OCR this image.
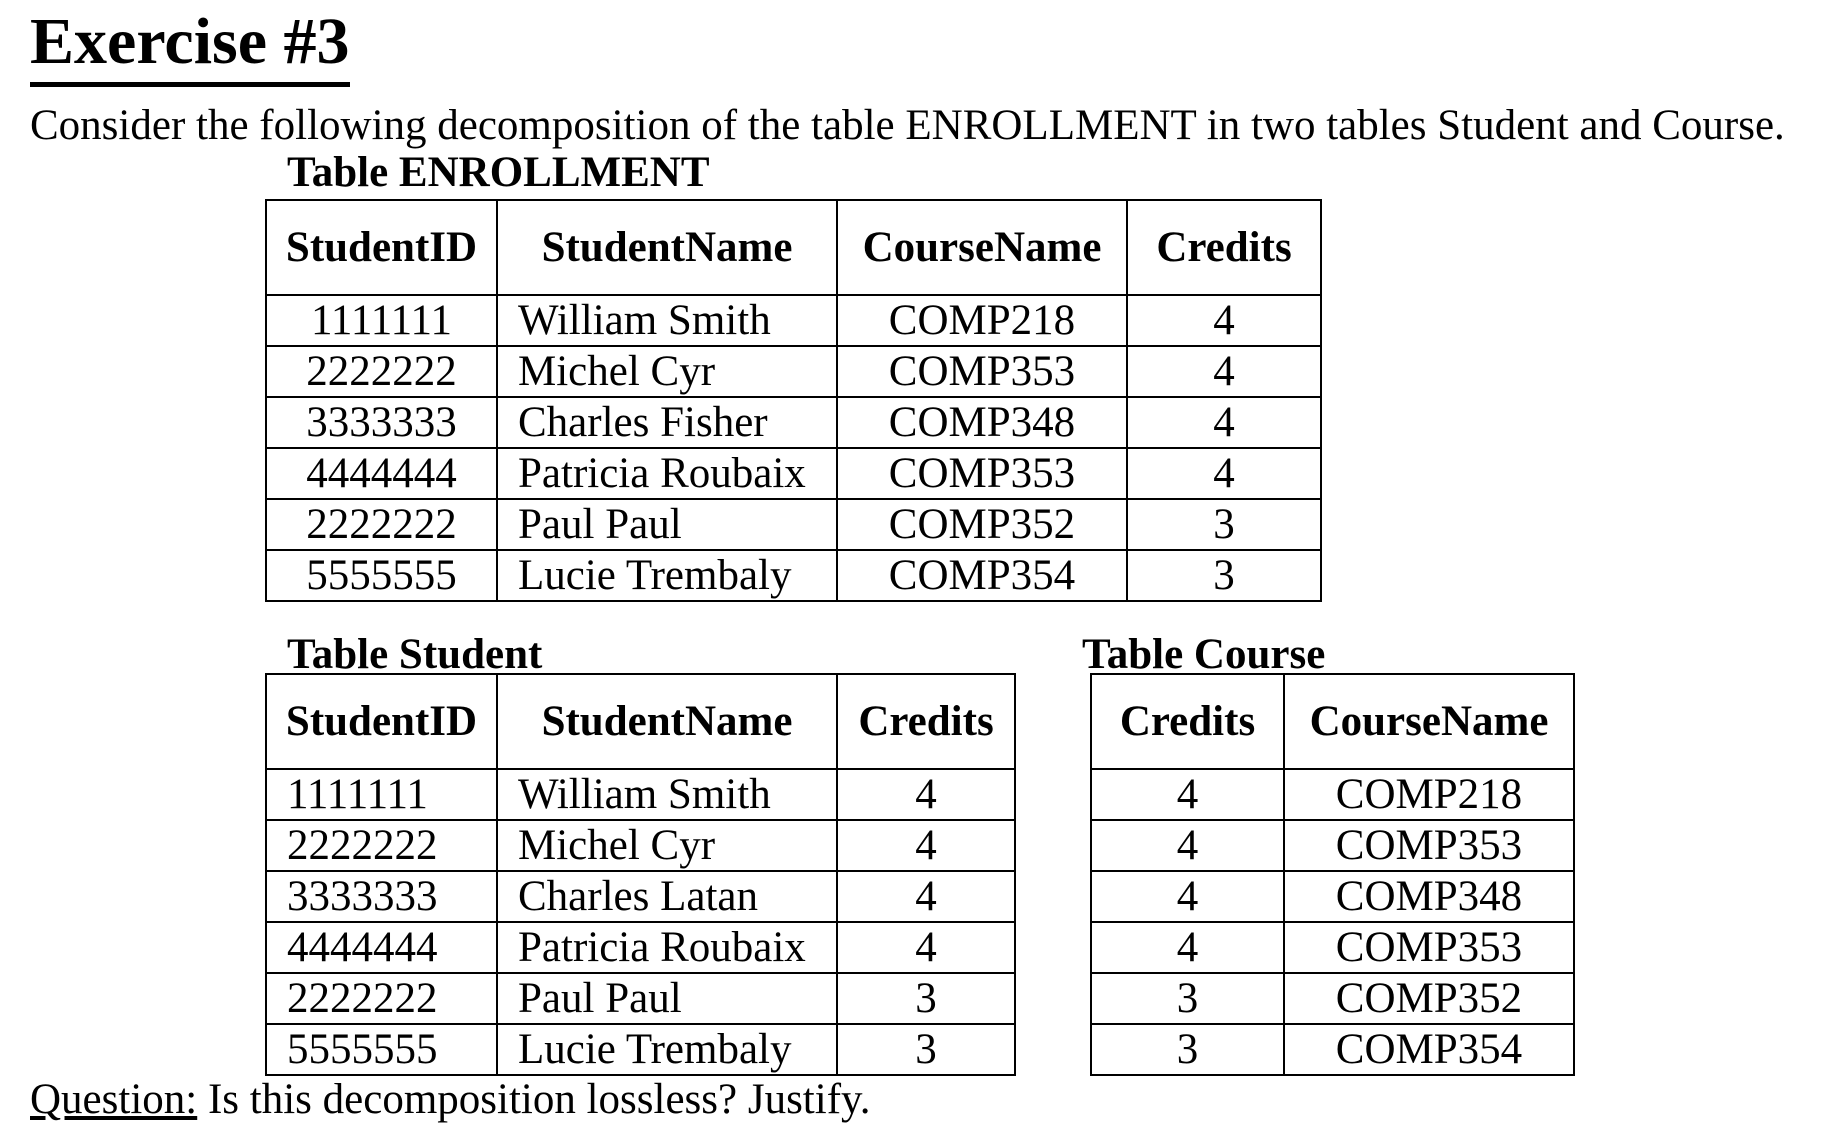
Exercise #3
Consider the following decomposition of the table ENROLLMENT in two tables Student and Course.
Table ENROLLMENT
StudentID	StudentName	CourseName	Credits
1111111	William Smith	COMP218	4
2222222	Michel Cyr	COMP353	4
3333333	Charles Fisher	COMP348	4
4444444	Patricia Roubaix	COMP353	4
2222222	Paul Paul	COMP352	3
5555555	Lucie Trembaly	COMP354	3
Table Student
StudentID	StudentName	Credits
1111111	William Smith	4
2222222	Michel Cyr	4
3333333	Charles Latan	4
4444444	Patricia Roubaix	4
2222222	Paul Paul	3
5555555	Lucie Trembaly	3
Table Course
Credits	CourseName
4	COMP218
4	COMP353
4	COMP348
4	COMP353
3	COMP352
3	COMP354
Question: Is this decomposition lossless? Justify.
